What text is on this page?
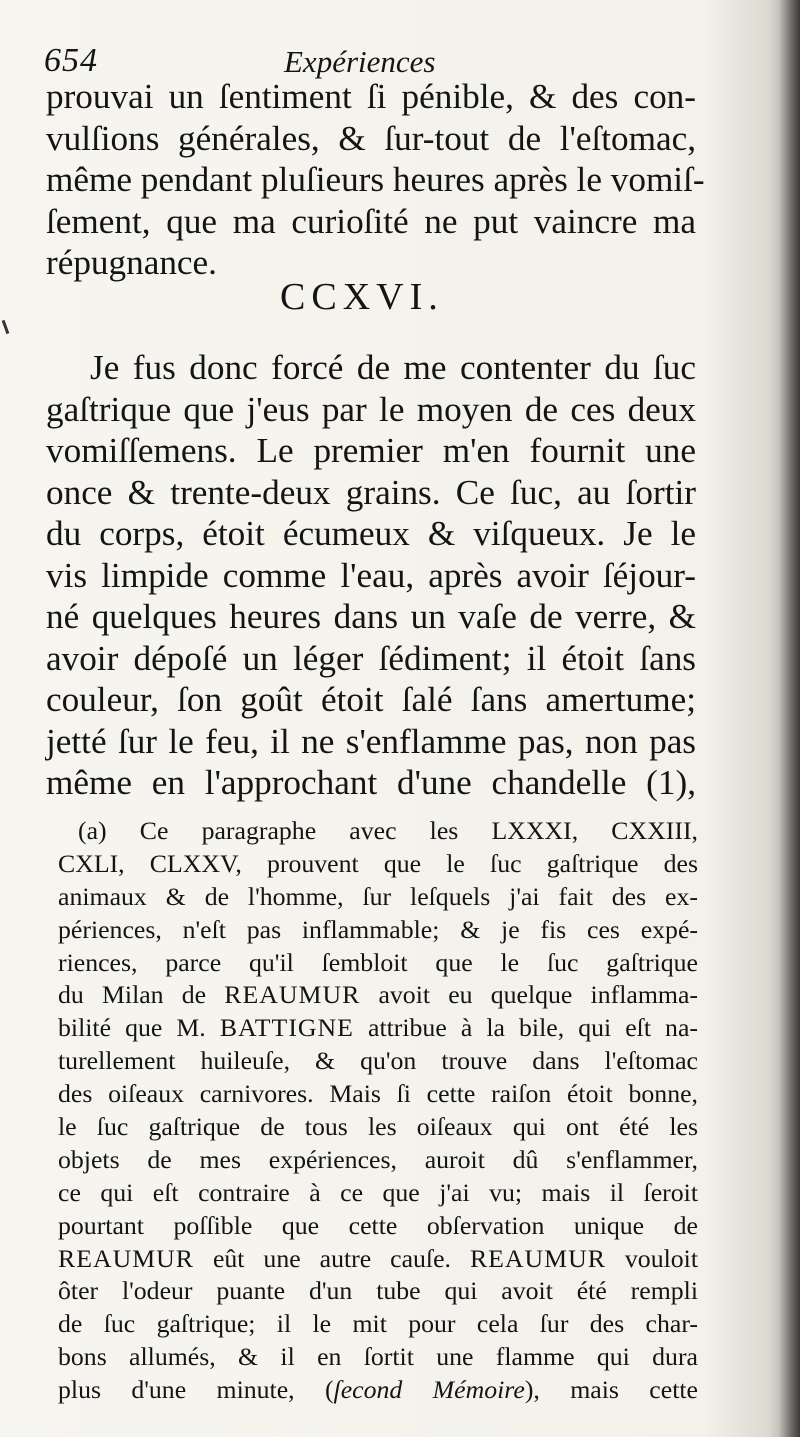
654	Expériences
prouvai un ſentiment ſi pénible, & des con-
vulſions générales, & ſur-tout de l'eſtomac,
même pendant pluſieurs heures après le vomiſ-
ſement, que ma curioſité ne put vaincre ma
répugnance.
CCXVI.
Je fus donc forcé de me contenter du ſuc
gaſtrique que j'eus par le moyen de ces deux
vomiſſemens. Le premier m'en fournit une
once & trente-deux grains. Ce ſuc, au ſortir
du corps, étoit écumeux & viſqueux. Je le
vis limpide comme l'eau, après avoir ſéjour-
né quelques heures dans un vaſe de verre, &
avoir dépoſé un léger ſédiment; il étoit ſans
couleur, ſon goût étoit ſalé ſans amertume;
jetté ſur le feu, il ne s'enflamme pas, non pas
même en l'approchant d'une chandelle (1),
(a) Ce paragraphe avec les LXXXI, CXXIII,
CXLI, CLXXV, prouvent que le ſuc gaſtrique des
animaux & de l'homme, ſur leſquels j'ai fait des ex-
périences, n'eſt pas inflammable; & je fis ces expé-
riences, parce qu'il ſembloit que le ſuc gaſtrique
du Milan de REAUMUR avoit eu quelque inflamma-
bilité que M. BATTIGNE attribue à la bile, qui eſt na-
turellement huileuſe, & qu'on trouve dans l'eſtomac
des oiſeaux carnivores. Mais ſi cette raiſon étoit bonne,
le ſuc gaſtrique de tous les oiſeaux qui ont été les
objets de mes expériences, auroit dû s'enflammer,
ce qui eſt contraire à ce que j'ai vu; mais il ſeroit
pourtant poſſible que cette obſervation unique de
REAUMUR eût une autre cauſe. REAUMUR vouloit
ôter l'odeur puante d'un tube qui avoit été rempli
de ſuc gaſtrique; il le mit pour cela ſur des char-
bons allumés, & il en ſortit une flamme qui dura
plus d'une minute, (ſecond Mémoire), mais cette
